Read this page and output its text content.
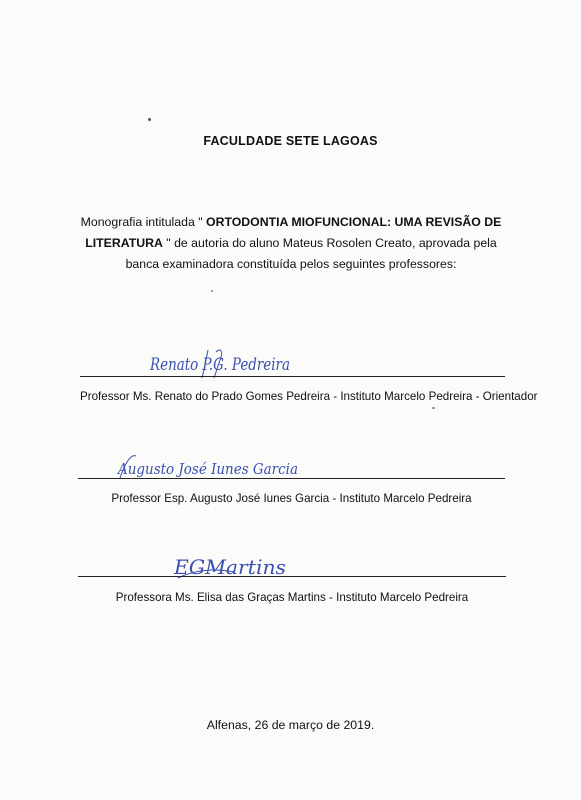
FACULDADE SETE LAGOAS
Monografia intitulada " ORTODONTIA MIOFUNCIONAL: UMA REVISÃO DE LITERATURA " de autoria do aluno Mateus Rosolen Creato, aprovada pela banca examinadora constituída pelos seguintes professores:
Renato P.G. Pedreira
Professor Ms. Renato do Prado Gomes Pedreira - Instituto Marcelo Pedreira - Orientador
Augusto José Iunes Garcia
Professor Esp. Augusto José Iunes Garcia - Instituto Marcelo Pedreira
EGMartins
Professora Ms. Elisa das Graças Martins - Instituto Marcelo Pedreira
Alfenas, 26 de março de 2019.
